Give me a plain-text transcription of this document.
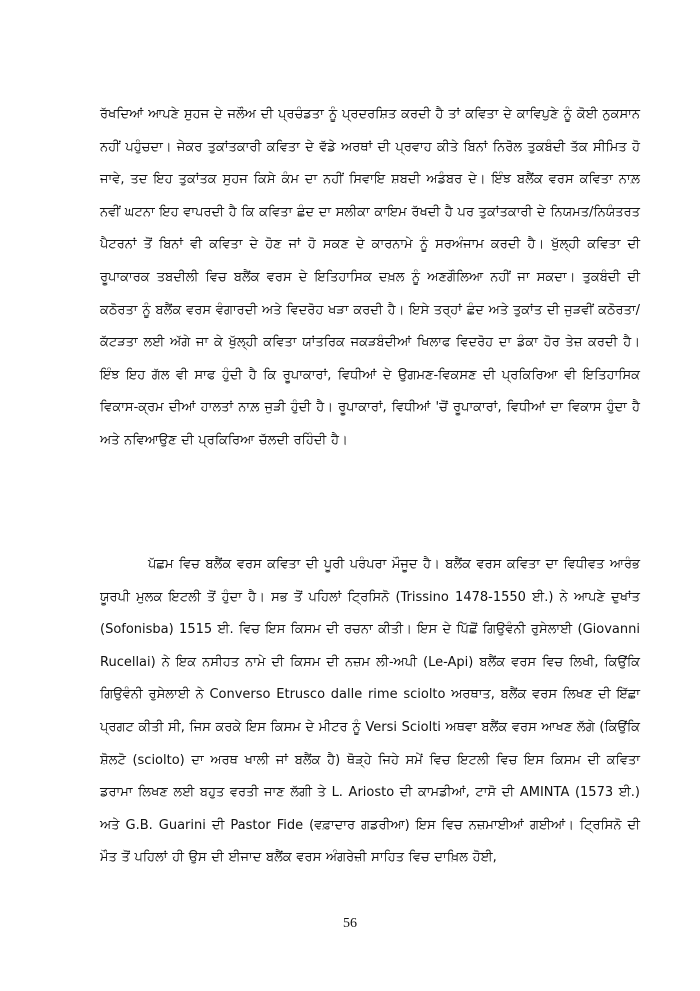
ਰੱਖਦਿਆਂ ਆਪਣੇ ਸੁਹਜ ਦੇ ਜਲੌਅ ਦੀ ਪ੍ਰਚੰਡਤਾ ਨੂੰ ਪ੍ਰਦਰਸ਼ਿਤ ਕਰਦੀ ਹੈ ਤਾਂ ਕਵਿਤਾ ਦੇ ਕਾਵਿਪੁਣੇ ਨੂੰ ਕੋਈ ਨੁਕਸਾਨ ਨਹੀਂ ਪਹੁੰਚਦਾ। ਜੇਕਰ ਤੁਕਾਂਤਕਾਰੀ ਕਵਿਤਾ ਦੇ ਵੱਡੇ ਅਰਥਾਂ ਦੀ ਪ੍ਰਵਾਹ ਕੀਤੇ ਬਿਨਾਂ ਨਿਰੋਲ ਤੁਕਬੰਦੀ ਤੱਕ ਸੀਮਿਤ ਹੋ ਜਾਵੇ, ਤਦ ਇਹ ਤੁਕਾਂਤਕ ਸੁਹਜ ਕਿਸੇ ਕੰਮ ਦਾ ਨਹੀਂ ਸਿਵਾਇ ਸ਼ਬਦੀ ਅਡੰਬਰ ਦੇ। ਇੰਝ ਬਲੈਂਕ ਵਰਸ ਕਵਿਤਾ ਨਾਲ਼ ਨਵੀਂ ਘਟਨਾ ਇਹ ਵਾਪਰਦੀ ਹੈ ਕਿ ਕਵਿਤਾ ਛੰਦ ਦਾ ਸਲੀਕਾ ਕਾਇਮ ਰੱਖਦੀ ਹੈ ਪਰ ਤੁਕਾਂਤਕਾਰੀ ਦੇ ਨਿਯਮਤ/ਨਿਯੰਤਰਤ ਪੈਟਰਨਾਂ ਤੋਂ ਬਿਨਾਂ ਵੀ ਕਵਿਤਾ ਦੇ ਹੋਣ ਜਾਂ ਹੋ ਸਕਣ ਦੇ ਕਾਰਨਾਮੇ ਨੂੰ ਸਰਅੰਜਾਮ ਕਰਦੀ ਹੈ। ਖੁੱਲ੍ਹੀ ਕਵਿਤਾ ਦੀ ਰੂਪਾਕਾਰਕ ਤਬਦੀਲੀ ਵਿਚ ਬਲੈਂਕ ਵਰਸ ਦੇ ਇਤਿਹਾਸਿਕ ਦਖ਼ਲ ਨੂੰ ਅਣਗੌਲਿਆ ਨਹੀਂ ਜਾ ਸਕਦਾ। ਤੁਕਬੰਦੀ ਦੀ ਕਠੋਰਤਾ ਨੂੰ ਬਲੈਂਕ ਵਰਸ ਵੰਗਾਰਦੀ ਅਤੇ ਵਿਦਰੋਹ ਖੜਾ ਕਰਦੀ ਹੈ। ਇਸੇ ਤਰ੍ਹਾਂ ਛੰਦ ਅਤੇ ਤੁਕਾਂਤ ਦੀ ਜੁੜਵੀਂ ਕਠੋਰਤਾ/ਕੱਟੜਤਾ ਲਈ ਅੱਗੇ ਜਾ ਕੇ ਖੁੱਲ੍ਹੀ ਕਵਿਤਾ ਯਾਂਤਰਿਕ ਜਕੜਬੰਦੀਆਂ ਖਿਲਾਫ ਵਿਦਰੋਹ ਦਾ ਡੰਕਾ ਹੋਰ ਤੇਜ਼ ਕਰਦੀ ਹੈ। ਇੰਝ ਇਹ ਗੱਲ ਵੀ ਸਾਫ ਹੁੰਦੀ ਹੈ ਕਿ ਰੂਪਾਕਾਰਾਂ, ਵਿਧੀਆਂ ਦੇ ਉਗਮਣ-ਵਿਕਸਣ ਦੀ ਪ੍ਰਕਿਰਿਆ ਵੀ ਇਤਿਹਾਸਿਕ ਵਿਕਾਸ-ਕ੍ਰਮ ਦੀਆਂ ਹਾਲਤਾਂ ਨਾਲ਼ ਜੁੜੀ ਹੁੰਦੀ ਹੈ। ਰੂਪਾਕਾਰਾਂ, ਵਿਧੀਆਂ 'ਚੋਂ ਰੂਪਾਕਾਰਾਂ, ਵਿਧੀਆਂ ਦਾ ਵਿਕਾਸ ਹੁੰਦਾ ਹੈ ਅਤੇ ਨਵਿਆਉਣ ਦੀ ਪ੍ਰਕਿਰਿਆ ਚੱਲਦੀ ਰਹਿੰਦੀ ਹੈ।

ਪੱਛਮ ਵਿਚ ਬਲੈਂਕ ਵਰਸ ਕਵਿਤਾ ਦੀ ਪੂਰੀ ਪਰੰਪਰਾ ਮੌਜੂਦ ਹੈ। ਬਲੈਂਕ ਵਰਸ ਕਵਿਤਾ ਦਾ ਵਿਧੀਵਤ ਆਰੰਭ ਯੂਰਪੀ ਮੁਲਕ ਇਟਲੀ ਤੋਂ ਹੁੰਦਾ ਹੈ। ਸਭ ਤੋਂ ਪਹਿਲਾਂ ਟ੍ਰਿਸਿਨੋ (Trissino 1478-1550 ਈ.) ਨੇ ਆਪਣੇ ਦੁਖਾਂਤ (Sofonisba) 1515 ਈ. ਵਿਚ ਇਸ ਕਿਸਮ ਦੀ ਰਚਨਾ ਕੀਤੀ। ਇਸ ਦੇ ਪਿੱਛੋਂ ਗਿਉਵੰਨੀ ਰੁਸੇਲਾਈ (Giovanni Rucellai) ਨੇ ਇਕ ਨਸੀਹਤ ਨਾਮੇ ਦੀ ਕਿਸਮ ਦੀ ਨਜ਼ਮ ਲੀ-ਅਪੀ (Le-Api) ਬਲੈਂਕ ਵਰਸ ਵਿਚ ਲਿਖੀ, ਕਿਉਂਕਿ ਗਿਉਵੰਨੀ ਰੁਸੇਲਾਈ ਨੇ Converso Etrusco dalle rime sciolto ਅਰਥਾਤ, ਬਲੈਂਕ ਵਰਸ ਲਿਖਣ ਦੀ ਇੱਛਾ ਪ੍ਰਗਟ ਕੀਤੀ ਸੀ, ਜਿਸ ਕਰਕੇ ਇਸ ਕਿਸਮ ਦੇ ਮੀਟਰ ਨੂੰ Versi Sciolti ਅਥਵਾ ਬਲੈਂਕ ਵਰਸ ਆਖਣ ਲੱਗੇ (ਕਿਉਂਕਿ ਸ਼ੋਲਟੋ (sciolto) ਦਾ ਅਰਥ ਖਾਲੀ ਜਾਂ ਬਲੈਂਕ ਹੈ) ਥੋੜ੍ਹੇ ਜਿਹੇ ਸਮੇਂ ਵਿਚ ਇਟਲੀ ਵਿਚ ਇਸ ਕਿਸਮ ਦੀ ਕਵਿਤਾ ਡਰਾਮਾ ਲਿਖਣ ਲਈ ਬਹੁਤ ਵਰਤੀ ਜਾਣ ਲੱਗੀ ਤੇ L. Ariosto ਦੀ ਕਾਮਡੀਆਂ, ਟਾਸੋ ਦੀ AMINTA (1573 ਈ.) ਅਤੇ G.B. Guarini ਦੀ Pastor Fide (ਵਫ਼ਾਦਾਰ ਗਡਰੀਆ) ਇਸ ਵਿਚ ਨਜ਼ਮਾਈਆਂ ਗਈਆਂ। ਟ੍ਰਿਸਿਨੋ ਦੀ ਮੌਤ ਤੋਂ ਪਹਿਲਾਂ ਹੀ ਉਸ ਦੀ ਈਜਾਦ ਬਲੈਂਕ ਵਰਸ ਅੰਗਰੇਜ਼ੀ ਸਾਹਿਤ ਵਿਚ ਦਾਖ਼ਿਲ ਹੋਈ,

56
